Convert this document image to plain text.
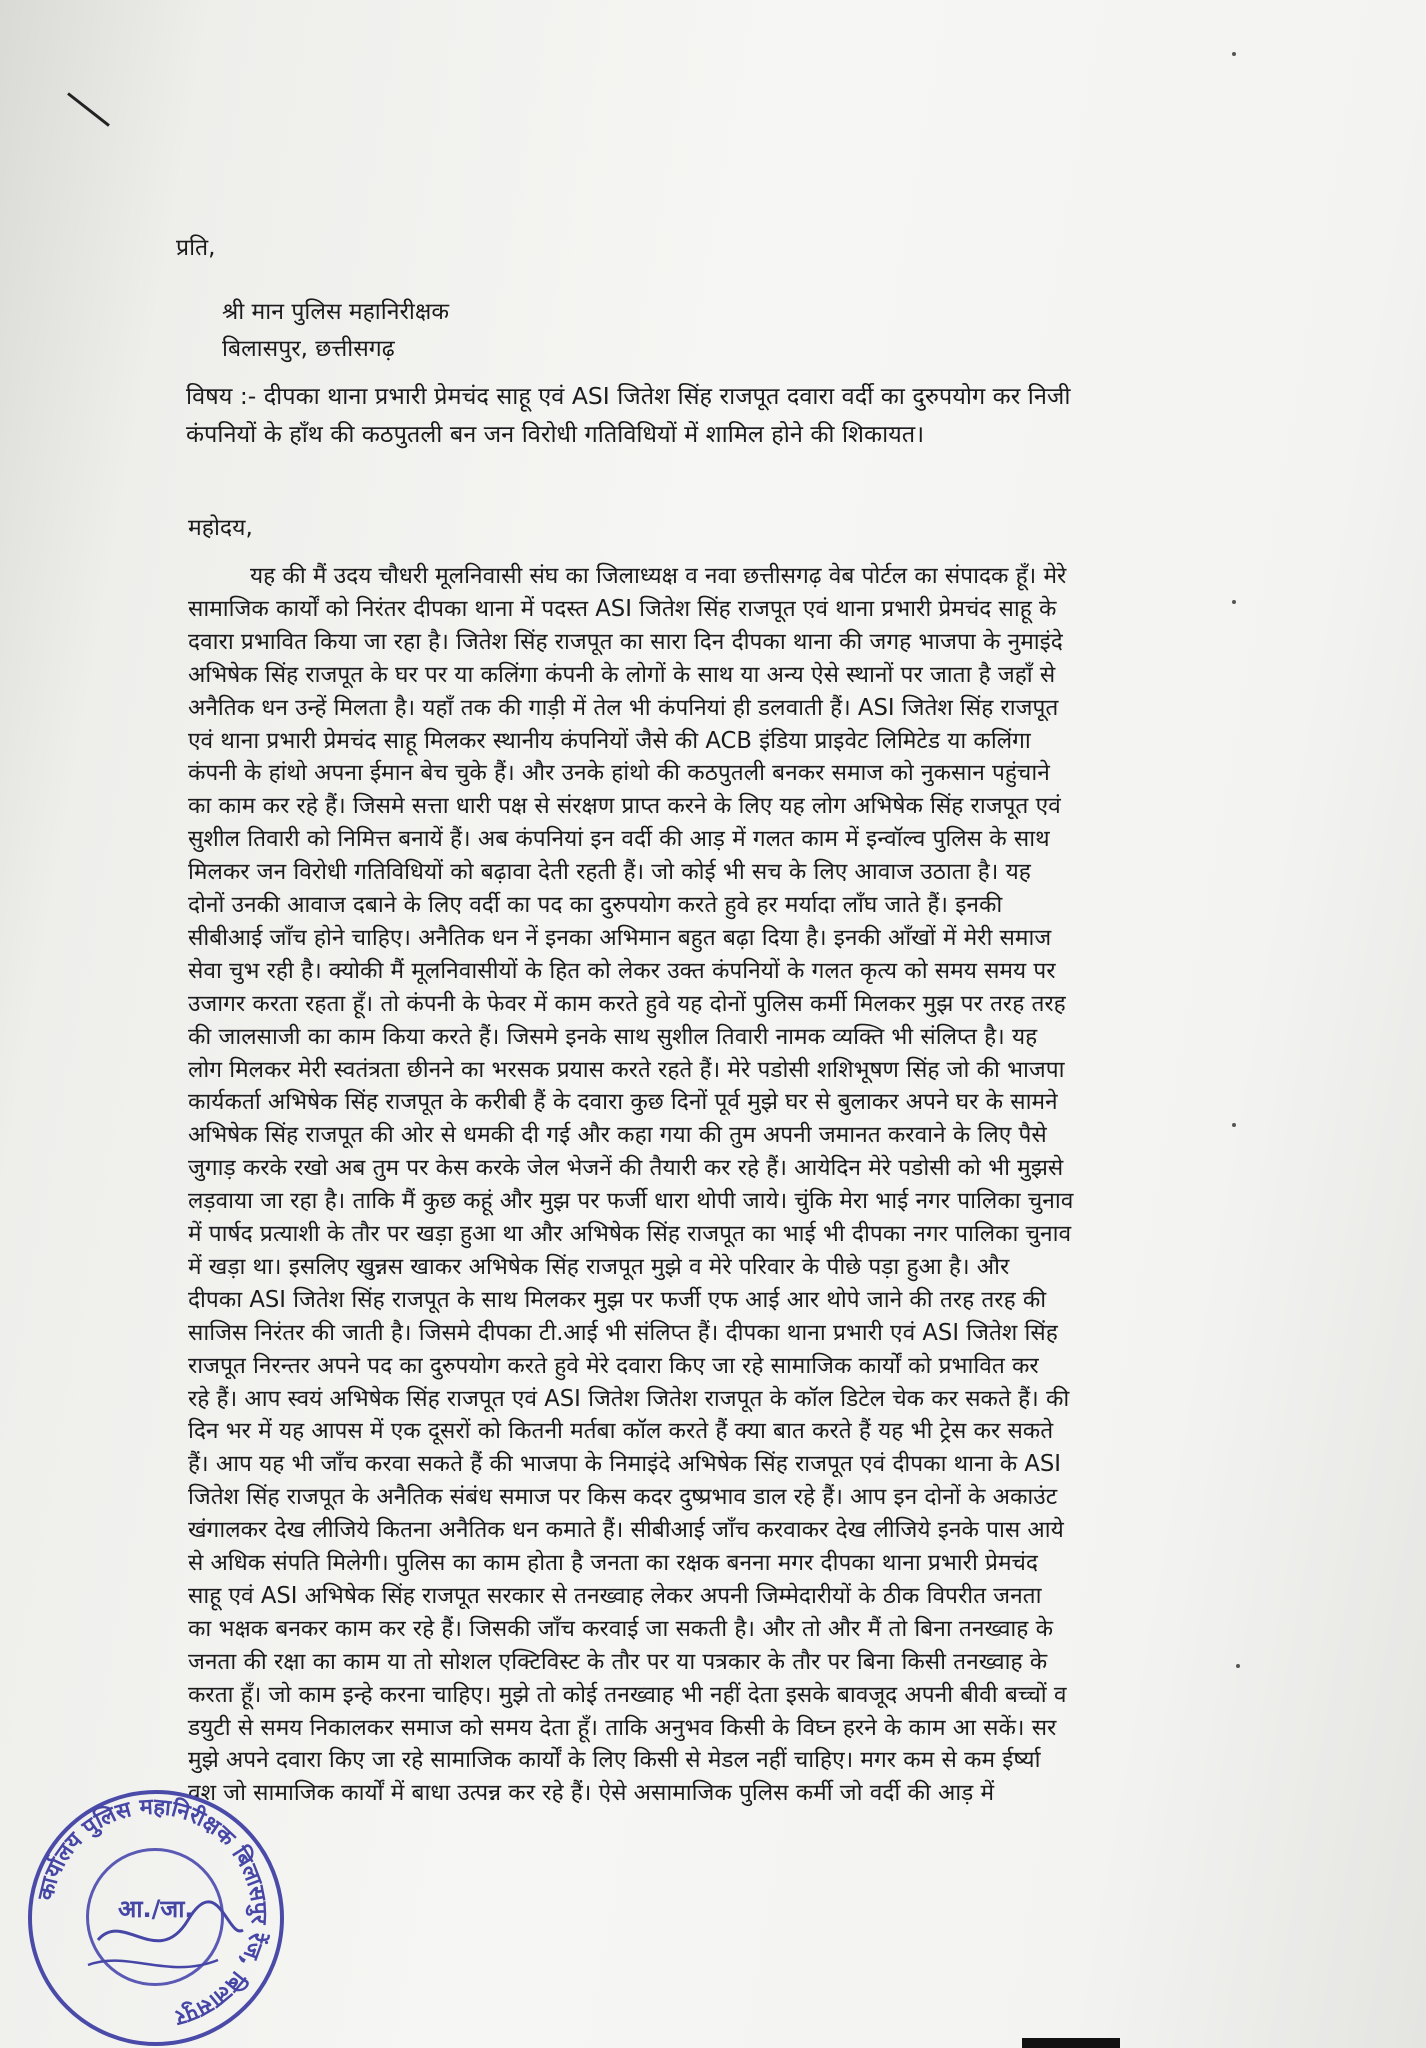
प्रति,
श्री मान पुलिस महानिरीक्षक
बिलासपुर, छत्तीसगढ़
विषय :- दीपका थाना प्रभारी प्रेमचंद साहू एवं ASI जितेश सिंह राजपूत दवारा वर्दी का दुरुपयोग कर निजी
कंपनियों के हाँथ की कठपुतली बन जन विरोधी गतिविधियों में शामिल होने की शिकायत।
महोदय,
यह की मैं उदय चौधरी मूलनिवासी संघ का जिलाध्यक्ष व नवा छत्तीसगढ़ वेब पोर्टल का संपादक हूँ। मेरे
सामाजिक कार्यों को निरंतर दीपका थाना में पदस्त ASI जितेश सिंह राजपूत एवं थाना प्रभारी प्रेमचंद साहू के
दवारा प्रभावित किया जा रहा है। जितेश सिंह राजपूत का सारा दिन दीपका थाना की जगह भाजपा के नुमाइंदे
अभिषेक सिंह राजपूत के घर पर या कलिंगा कंपनी के लोगों के साथ या अन्य ऐसे स्थानों पर जाता है जहाँ से
अनैतिक धन उन्हें मिलता है। यहाँ तक की गाड़ी में तेल भी कंपनियां ही डलवाती हैं। ASI जितेश सिंह राजपूत
एवं थाना प्रभारी प्रेमचंद साहू मिलकर स्थानीय कंपनियों जैसे की ACB इंडिया प्राइवेट लिमिटेड या कलिंगा
कंपनी के हांथो अपना ईमान बेच चुके हैं। और उनके हांथो की कठपुतली बनकर समाज को नुकसान पहुंचाने
का काम कर रहे हैं। जिसमे सत्ता धारी पक्ष से संरक्षण प्राप्त करने के लिए यह लोग अभिषेक सिंह राजपूत एवं
सुशील तिवारी को निमित्त बनायें हैं। अब कंपनियां इन वर्दी की आड़ में गलत काम में इन्वॉल्व पुलिस के साथ
मिलकर जन विरोधी गतिविधियों को बढ़ावा देती रहती हैं। जो कोई भी सच के लिए आवाज उठाता है। यह
दोनों उनकी आवाज दबाने के लिए वर्दी का पद का दुरुपयोग करते हुवे हर मर्यादा लाँघ जाते हैं। इनकी
सीबीआई जाँच होने चाहिए। अनैतिक धन नें इनका अभिमान बहुत बढ़ा दिया है। इनकी आँखों में मेरी समाज
सेवा चुभ रही है। क्योकी मैं मूलनिवासीयों के हित को लेकर उक्त कंपनियों के गलत कृत्य को समय समय पर
उजागर करता रहता हूँ। तो कंपनी के फेवर में काम करते हुवे यह दोनों पुलिस कर्मी मिलकर मुझ पर तरह तरह
की जालसाजी का काम किया करते हैं। जिसमे इनके साथ सुशील तिवारी नामक व्यक्ति भी संलिप्त है। यह
लोग मिलकर मेरी स्वतंत्रता छीनने का भरसक प्रयास करते रहते हैं। मेरे पडोसी शशिभूषण सिंह जो की भाजपा
कार्यकर्ता अभिषेक सिंह राजपूत के करीबी हैं के दवारा कुछ दिनों पूर्व मुझे घर से बुलाकर अपने घर के सामने
अभिषेक सिंह राजपूत की ओर से धमकी दी गई और कहा गया की तुम अपनी जमानत करवाने के लिए पैसे
जुगाड़ करके रखो अब तुम पर केस करके जेल भेजनें की तैयारी कर रहे हैं। आयेदिन मेरे पडोसी को भी मुझसे
लड़वाया जा रहा है। ताकि मैं कुछ कहूं और मुझ पर फर्जी धारा थोपी जाये। चुंकि मेरा भाई नगर पालिका चुनाव
में पार्षद प्रत्याशी के तौर पर खड़ा हुआ था और अभिषेक सिंह राजपूत का भाई भी दीपका नगर पालिका चुनाव
में खड़ा था। इसलिए खुन्नस खाकर अभिषेक सिंह राजपूत मुझे व मेरे परिवार के पीछे पड़ा हुआ है। और
दीपका ASI जितेश सिंह राजपूत के साथ मिलकर मुझ पर फर्जी एफ आई आर थोपे जाने की तरह तरह की
साजिस निरंतर की जाती है। जिसमे दीपका टी.आई भी संलिप्त हैं। दीपका थाना प्रभारी एवं ASI जितेश सिंह
राजपूत निरन्तर अपने पद का दुरुपयोग करते हुवे मेरे दवारा किए जा रहे सामाजिक कार्यों को प्रभावित कर
रहे हैं। आप स्वयं अभिषेक सिंह राजपूत एवं ASI जितेश जितेश राजपूत के कॉल डिटेल चेक कर सकते हैं। की
दिन भर में यह आपस में एक दूसरों को कितनी मर्तबा कॉल करते हैं क्या बात करते हैं यह भी ट्रेस कर सकते
हैं। आप यह भी जाँच करवा सकते हैं की भाजपा के निमाइंदे अभिषेक सिंह राजपूत एवं दीपका थाना के ASI
जितेश सिंह राजपूत के अनैतिक संबंध समाज पर किस कदर दुष्प्रभाव डाल रहे हैं। आप इन दोनों के अकाउंट
खंगालकर देख लीजिये कितना अनैतिक धन कमाते हैं। सीबीआई जाँच करवाकर देख लीजिये इनके पास आये
से अधिक संपति मिलेगी। पुलिस का काम होता है जनता का रक्षक बनना मगर दीपका थाना प्रभारी प्रेमचंद
साहू एवं ASI अभिषेक सिंह राजपूत सरकार से तनख्वाह लेकर अपनी जिम्मेदारीयों के ठीक विपरीत जनता
का भक्षक बनकर काम कर रहे हैं। जिसकी जाँच करवाई जा सकती है। और तो और मैं तो बिना तनख्वाह के
जनता की रक्षा का काम या तो सोशल एक्टिविस्ट के तौर पर या पत्रकार के तौर पर बिना किसी तनख्वाह के
करता हूँ। जो काम इन्हे करना चाहिए। मुझे तो कोई तनख्वाह भी नहीं देता इसके बावजूद अपनी बीवी बच्चों व
डयुटी से समय निकालकर समाज को समय देता हूँ। ताकि अनुभव किसी के विघ्न हरने के काम आ सकें। सर
मुझे अपने दवारा किए जा रहे सामाजिक कार्यों के लिए किसी से मेडल नहीं चाहिए। मगर कम से कम ईर्ष्या
वश जो सामाजिक कार्यों में बाधा उत्पन्न कर रहे हैं। ऐसे असामाजिक पुलिस कर्मी जो वर्दी की आड़ में
कार्यालय पुलिस महानिरीक्षक बिलासपुर रेंज, बिलासपुर
आ./जा.
